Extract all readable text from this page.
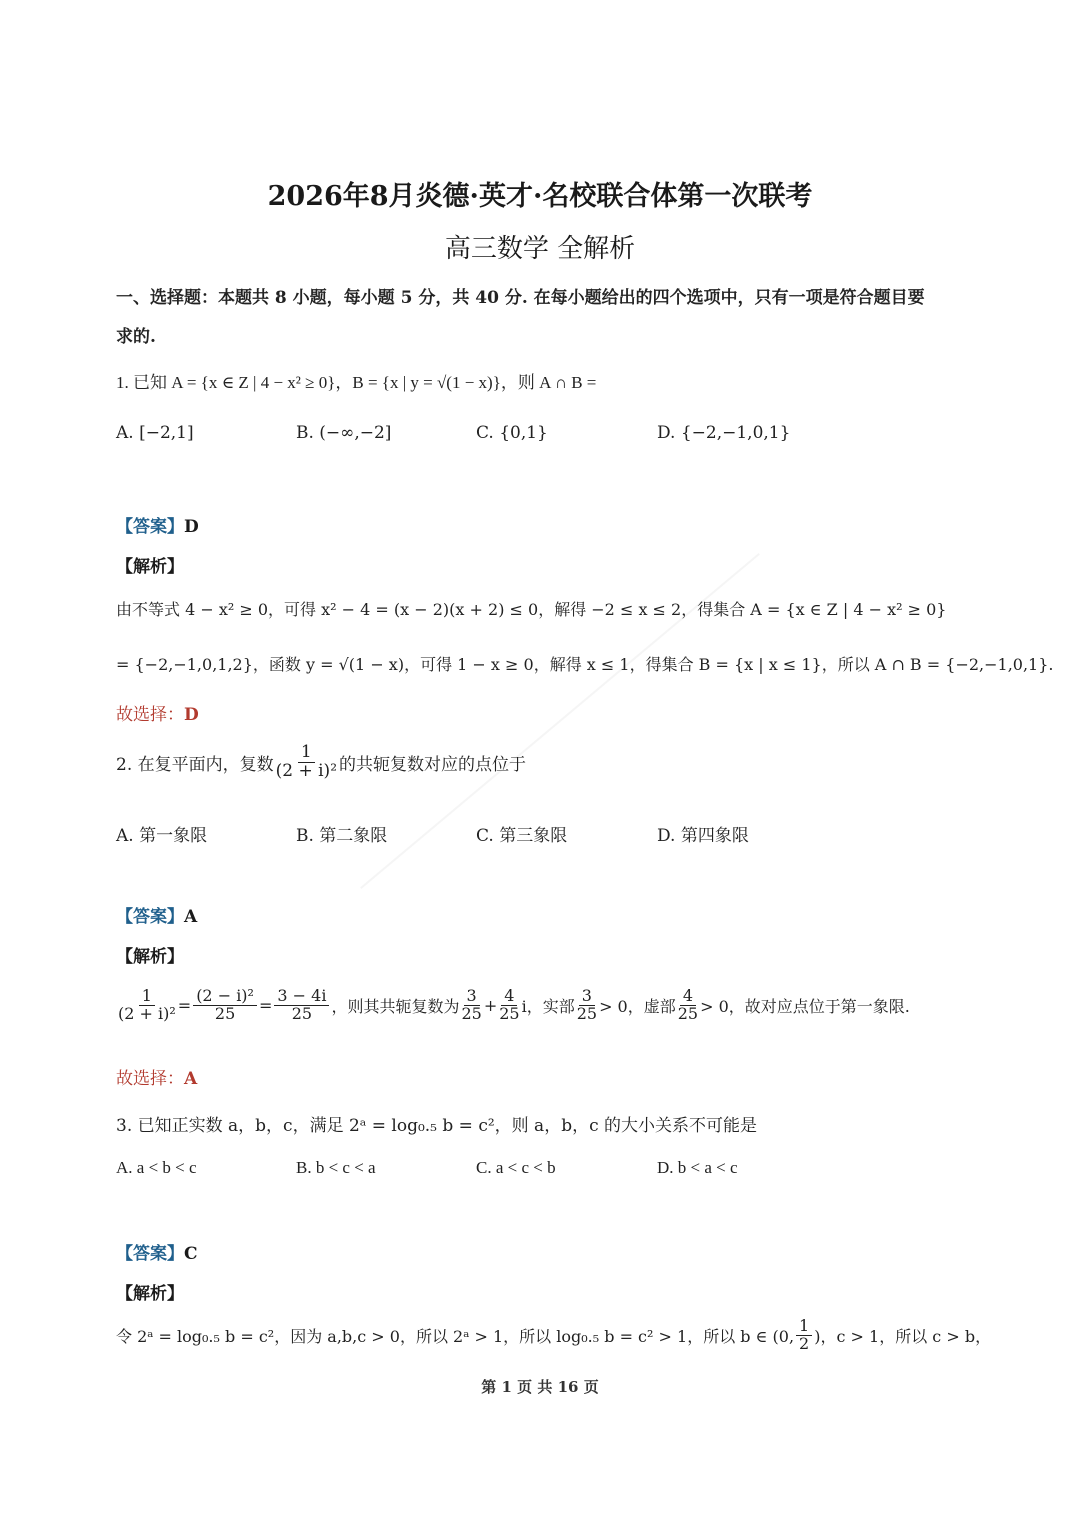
2026年8月炎德·英才·名校联合体第一次联考
高三数学 全解析
一、选择题：本题共 8 小题，每小题 5 分，共 40 分. 在每小题给出的四个选项中，只有一项是符合题目要
求的.
1. 已知 A = {x ∈ Z | 4 − x² ≥ 0}，B = {x | y = √(1 − x)}，则 A ∩ B =
A. [−2,1]	B. (−∞,−2]	C. {0,1}	D. {−2,−1,0,1}
【答案】D
【解析】
由不等式 4 − x² ≥ 0，可得 x² − 4 = (x − 2)(x + 2) ≤ 0，解得 −2 ≤ x ≤ 2，得集合 A = {x ∈ Z | 4 − x² ≥ 0}
= {−2,−1,0,1,2}，函数 y = √(1 − x)，可得 1 − x ≥ 0，解得 x ≤ 1，得集合 B = {x | x ≤ 1}，所以 A ∩ B = {−2,−1,0,1}.
故选择：D
2. 在复平面内，复数 $\frac{1}{\text{(2 + i)²}}$ 的共轭复数对应的点位于
A. 第一象限	B. 第二象限	C. 第三象限	D. 第四象限
【答案】A
【解析】
$\frac{1}{\text{(2 + i)²}} = \frac{\text{(2 − i)²}}{25} = \frac{3 - 4i}{25}$ ，则其共轭复数为 $\frac{3}{25} + \frac{4}{25}$ i，实部 $\frac{3}{25} > 0$，虚部 $\frac{4}{25} > 0$，故对应点位于第一象限.
故选择：A
3. 已知正实数 a，b，c，满足 2ᵃ = log₀.₅ b = c²，则 a，b，c 的大小关系不可能是
A. a < b < c	B. b < c < a	C. a < c < b	D. b < a < c
【答案】C
【解析】
令 2ᵃ = log₀.₅ b = c²，因为 a,b,c > 0，所以 2ᵃ > 1，所以 log₀.₅ b = c² > 1，所以 b ∈ (0, $\frac{1}{2}$ )，c > 1，所以 c > b，
第 1 页 共 16 页
